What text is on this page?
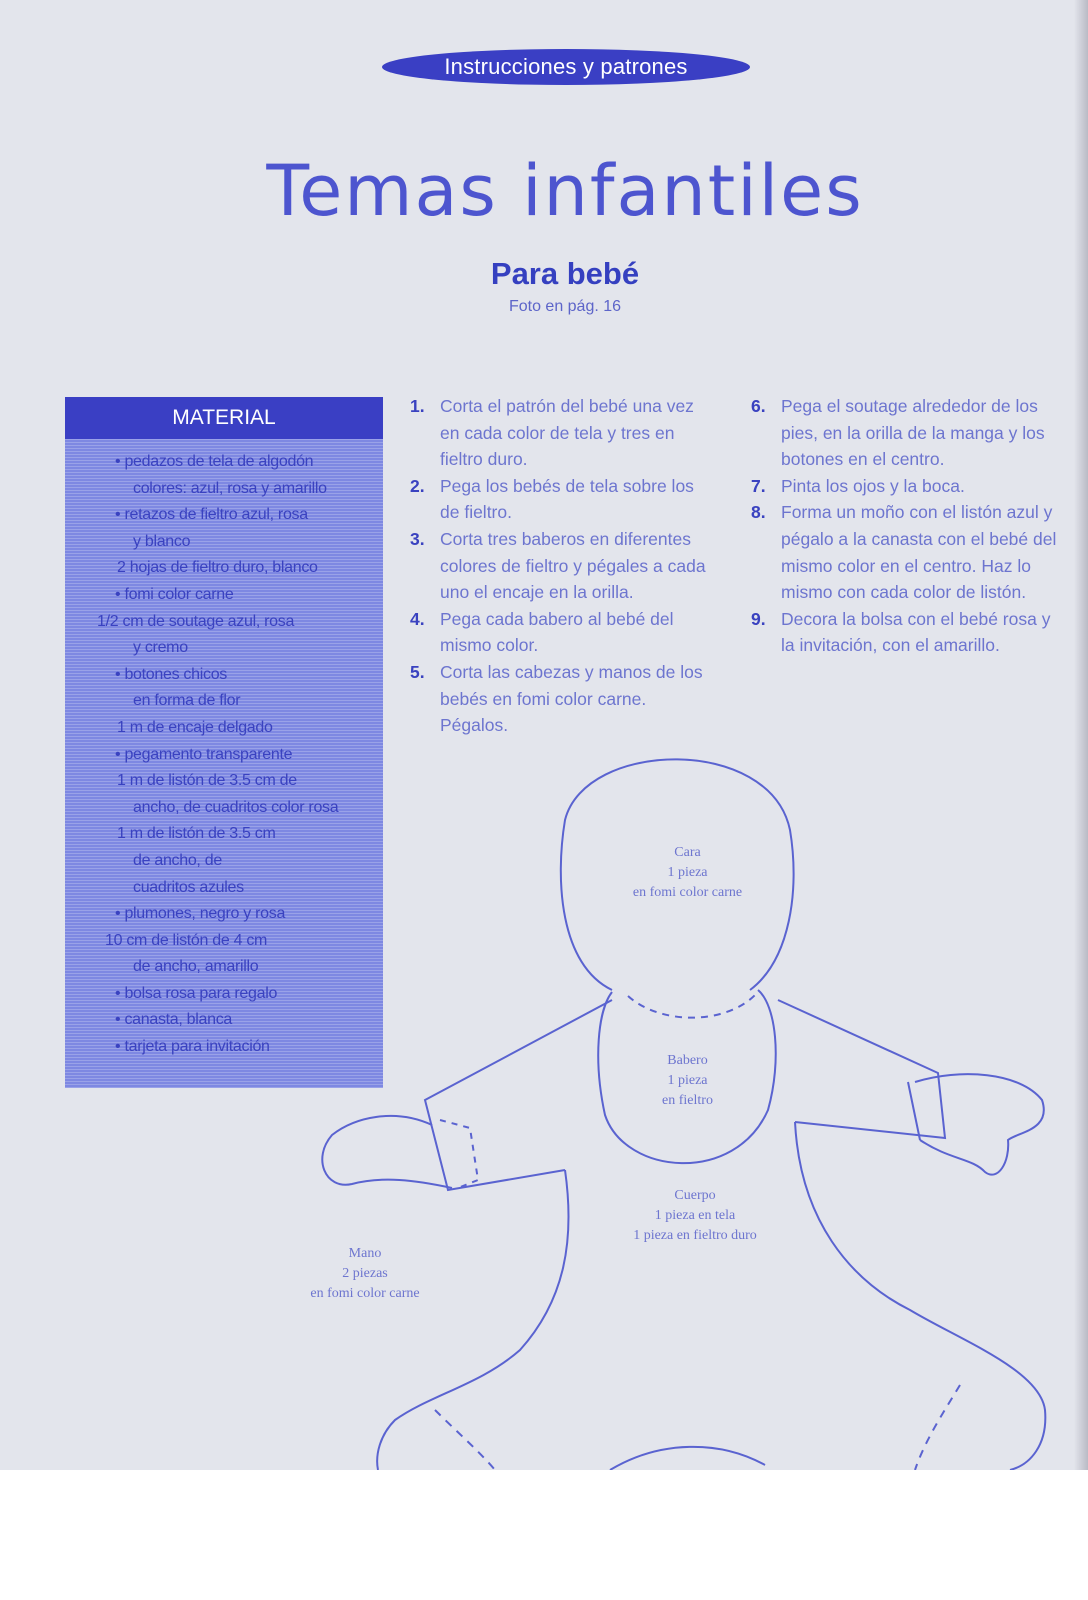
Instrucciones y patrones
Temas infantiles
Para bebé
Foto en pág. 16
MATERIAL
• pedazos de tela de algodón
colores: azul, rosa y amarillo
• retazos de fieltro azul, rosa
y blanco
2 hojas de fieltro duro, blanco
• fomi color carne
1/2 cm de soutage azul, rosa
y cremo
• botones chicos
en forma de flor
1 m de encaje delgado
• pegamento transparente
1 m de listón de 3.5 cm de
ancho, de cuadritos color rosa
1 m de listón de 3.5 cm
de ancho, de
cuadritos azules
• plumones, negro y rosa
10 cm de listón de 4 cm
de ancho, amarillo
• bolsa rosa para regalo
• canasta, blanca
• tarjeta para invitación
1. Corta el patrón del bebé una vez en cada color de tela y tres en fieltro duro.
2. Pega los bebés de tela sobre los de fieltro.
3. Corta tres baberos en diferentes colores de fieltro y pégales a cada uno el encaje en la orilla.
4. Pega cada babero al bebé del mismo color.
5. Corta las cabezas y manos de los bebés en fomi color carne. Pégalos.
6. Pega el soutage alrededor de los pies, en la orilla de la manga y los botones en el centro.
7. Pinta los ojos y la boca.
8. Forma un moño con el listón azul y pégalo a la canasta con el bebé del mismo color en el centro. Haz lo mismo con cada color de listón.
9. Decora la bolsa con el bebé rosa y la invitación, con el amarillo.
Cara
1 pieza
en fomi color carne
Babero
1 pieza
en fieltro
Cuerpo
1 pieza en tela
1 pieza en fieltro duro
Mano
2 piezas
en fomi color carne
